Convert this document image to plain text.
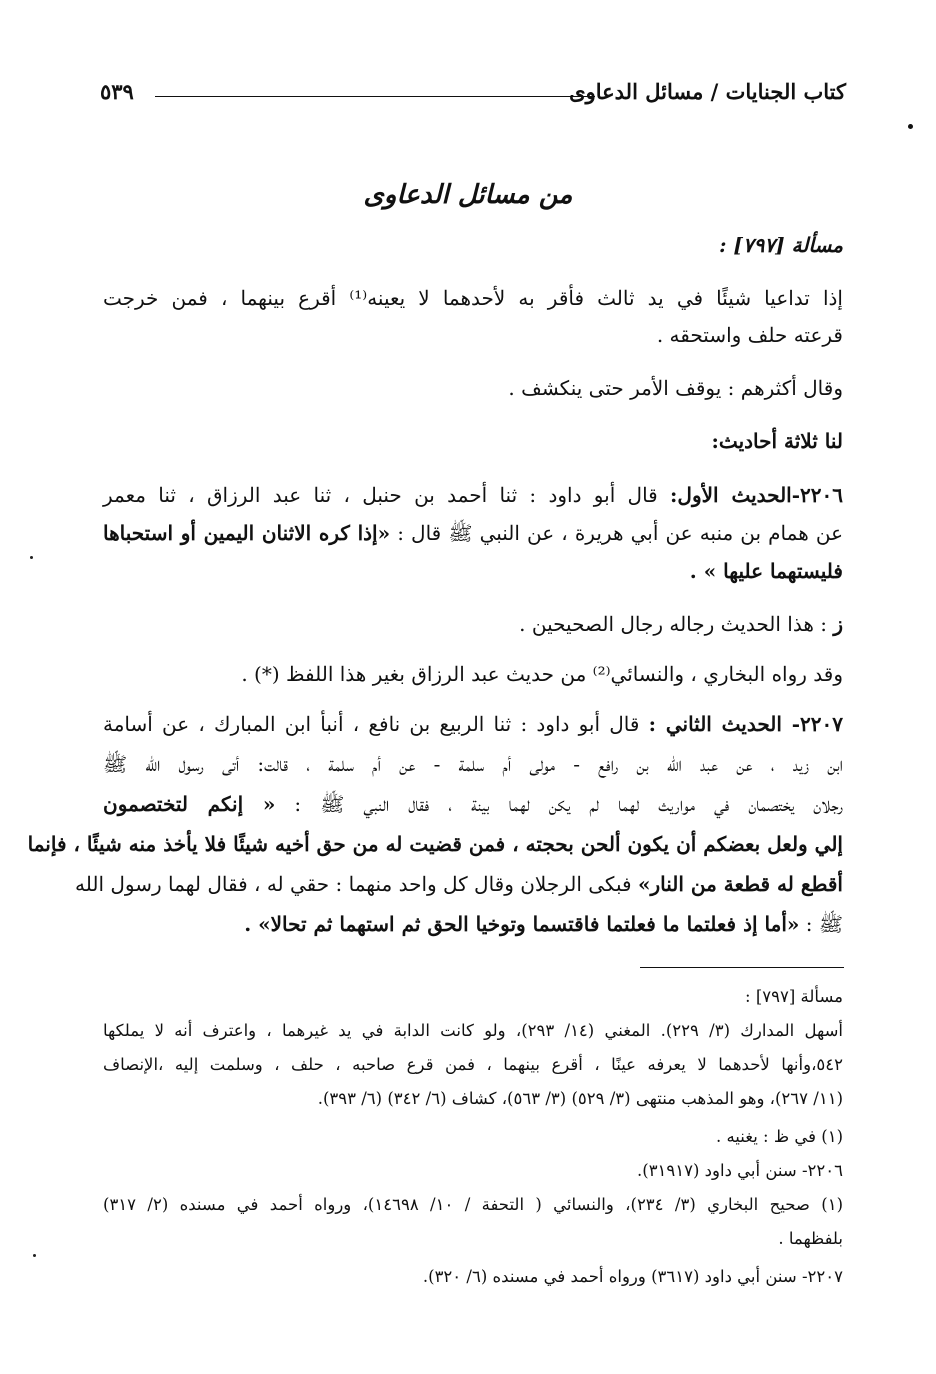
كتاب الجنايات / مسائل الدعاوى
٥٣٩
من مسائل الدعاوى
مسألة [٧٩٧] :
إذا تداعيا شيئًا في يد ثالث فأقر به لأحدهما لا يعينه⁽¹⁾ أقرع بينهما ، فمن خرجت
قرعته حلف واستحقه .
وقال أكثرهم : يوقف الأمر حتى ينكشف .
لنا ثلاثة أحاديث:
٢٢٠٦-الحديث الأول: قال أبو داود : ثنا أحمد بن حنبل ، ثنا عبد الرزاق ، ثنا معمر
عن همام بن منبه عن أبي هريرة ، عن النبي ﷺ قال : «إذا كره الاثنان اليمين أو استحباها
فليستهما عليها » .
ز : هذا الحديث رجاله رجال الصحيحين .
وقد رواه البخاري ، والنسائي⁽²⁾ من حديث عبد الرزاق بغير هذا اللفظ (*) .
٢٢٠٧- الحديث الثاني : قال أبو داود : ثنا الربيع بن نافع ، أنبأ ابن المبارك ، عن أسامة
ابن زيد ، عن عبد الله بن رافع - مولى أم سلمة - عن أم سلمة ، قالت: أتى رسول الله ﷺ
رجلان يختصمان في مواريث لهما لم يكن لهما بينة ، فقال النبي ﷺ : « إنكم لتختصمون
إلي ولعل بعضكم أن يكون ألحن بحجته ، فمن قضيت له من حق أخيه شيئًا فلا يأخذ منه شيئًا ، فإنما
أقطع له قطعة من النار» فبكى الرجلان وقال كل واحد منهما : حقي له ، فقال لهما رسول الله
ﷺ : «أما إذ فعلتما ما فعلتما فاقتسما وتوخيا الحق ثم استهما ثم تحالا» .
مسألة [٧٩٧] :
أسهل المدارك (٣/ ٢٢٩). المغني (١٤/ ٢٩٣)، ولو كانت الدابة في يد غيرهما ، واعترف أنه لا يملكها
٥٤٢،وأنها لأحدهما لا يعرفه عينًا ، أقرع بينهما ، فمن قرع صاحبه ، حلف ، وسلمت إليه ،الإنصاف
(١١/ ٢٦٧)، وهو المذهب منتهى (٣/ ٥٢٩) (٣/ ٥٦٣)، كشاف (٦/ ٣٤٢) (٦/ ٣٩٣).
(١) في ظ : يغنيه .
٢٢٠٦- سنن أبي داود (٣١٩١٧).
(١) صحيح البخاري (٣/ ٢٣٤)، والنسائي ( التحفة / ١٠/ ١٤٦٩٨)، ورواه أحمد في مسنده (٢/ ٣١٧)
بلفظهما .
٢٢٠٧- سنن أبي داود (٣٦١٧) ورواه أحمد في مسنده (٦/ ٣٢٠).
